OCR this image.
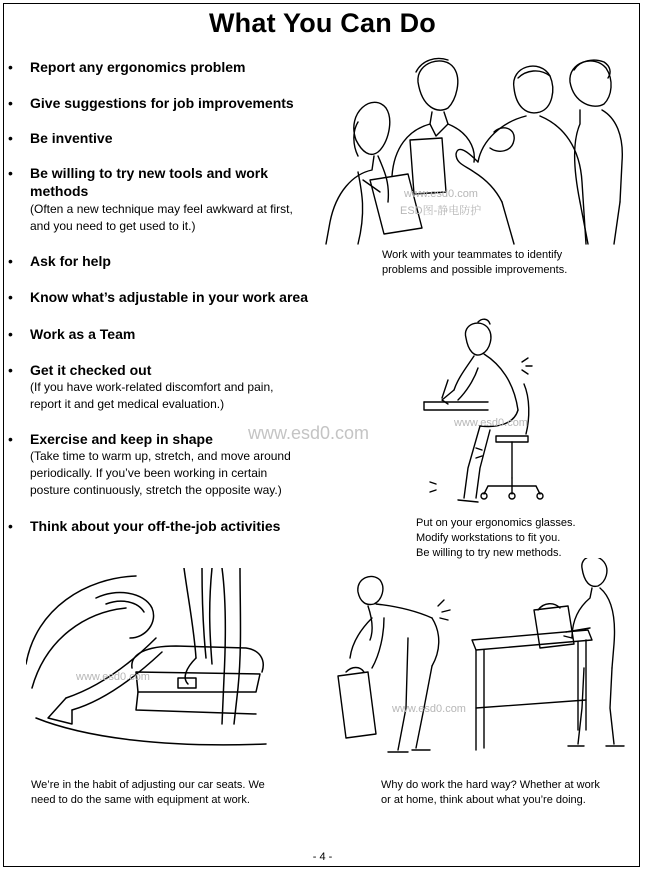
What You Can Do
• Report any ergonomics problem
• Give suggestions for job improvements
• Be inventive
• Be willing to try new tools and work
methods
(Often a new technique may feel awkward at first,
and you need to get used to it.)
• Ask for help
• Know what’s adjustable in your work area
• Work as a Team
• Get it checked out
(If you have work-related discomfort and pain,
report it and get medical evaluation.)
• Exercise and keep in shape
(Take time to warm up, stretch, and move around
periodically. If you’ve been working in certain
posture continuously, stretch the opposite way.)
• Think about your off-the-job activities
Work with your teammates to identify
problems and possible improvements.
Put on your ergonomics glasses.
Modify workstations to fit you.
Be willing to try new methods.
We’re in the habit of adjusting our car seats. We
need to do the same with equipment at work.
Why do work the hard way? Whether at work
or at home, think about what you’re doing.
www.esd0.com
ESD图-静电防护
www.esd0.com	www.esd0.com
www.esd0.com
www.esd0.com
- 4 -
